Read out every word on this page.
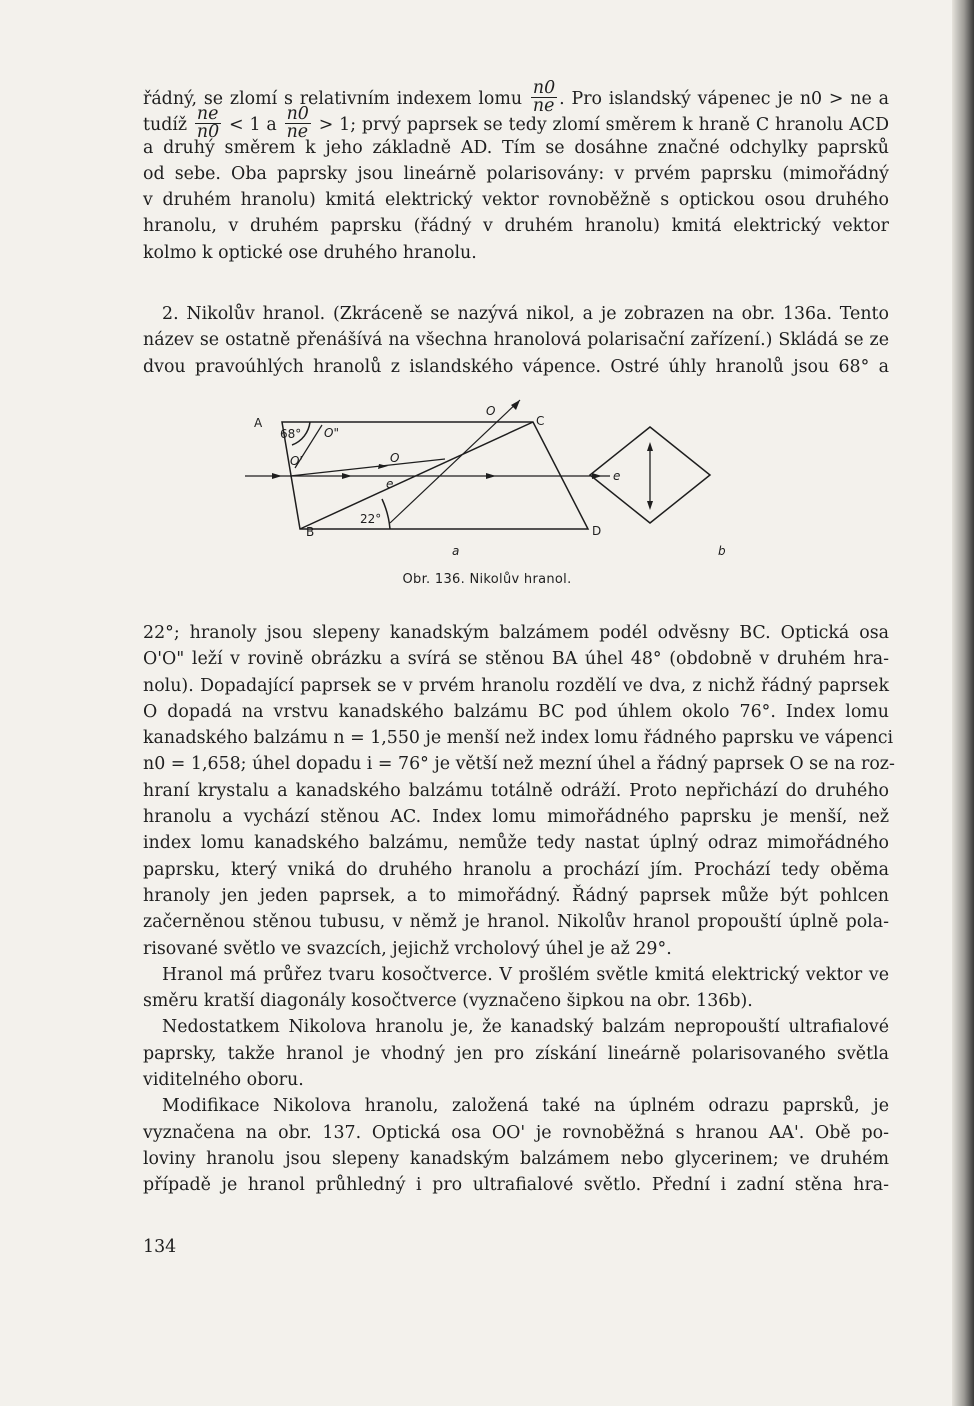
řádný, se zlomí s relativním indexem lomu $\frac{n0}{ne}$ . Pro islandský vápenec je n0 > ne a
tudíž $\frac{ne}{n0} < 1$ a $\frac{n0}{ne} > 1$; prvý paprsek se tedy zlomí směrem k hraně C hranolu ACD
a druhý směrem k jeho základně AD. Tím se dosáhne značné odchylky paprsků
od sebe. Oba paprsky jsou lineárně polarisovány: v prvém paprsku (mimořádný
v druhém hranolu) kmitá elektrický vektor rovnoběžně s optickou osou druhého
hranolu, v druhém paprsku (řádný v druhém hranolu) kmitá elektrický vektor
kolmo k optické ose druhého hranolu.
2. Nikolův hranol. (Zkráceně se nazývá nikol, a je zobrazen na obr. 136a. Tento
název se ostatně přenášívá na všechna hranolová polarisační zařízení.) Skládá se ze
dvou pravoúhlých hranolů z islandského vápence. Ostré úhly hranolů jsou 68° a
A
B
C
D
68°
22°
O"
O'
O
O
e
e
a	b
Obr. 136. Nikolův hranol.
22°; hranoly jsou slepeny kanadským balzámem podél odvěsny BC. Optická osa
O'O" leží v rovině obrázku a svírá se stěnou BA úhel 48° (obdobně v druhém hra-
nolu). Dopadající paprsek se v prvém hranolu rozdělí ve dva, z nichž řádný paprsek
O dopadá na vrstvu kanadského balzámu BC pod úhlem okolo 76°. Index lomu
kanadského balzámu n = 1,550 je menší než index lomu řádného paprsku ve vápenci
n0 = 1,658; úhel dopadu i = 76° je větší než mezní úhel a řádný paprsek O se na roz-
hraní krystalu a kanadského balzámu totálně odráží. Proto nepřichází do druhého
hranolu a vychází stěnou AC. Index lomu mimořádného paprsku je menší, než
index lomu kanadského balzámu, nemůže tedy nastat úplný odraz mimořádného
paprsku, který vniká do druhého hranolu a prochází jím. Prochází tedy oběma
hranoly jen jeden paprsek, a to mimořádný. Řádný paprsek může být pohlcen
začerněnou stěnou tubusu, v němž je hranol. Nikolův hranol propouští úplně pola-
risované světlo ve svazcích, jejichž vrcholový úhel je až 29°.
Hranol má průřez tvaru kosočtverce. V prošlém světle kmitá elektrický vektor ve
směru kratší diagonály kosočtverce (vyznačeno šipkou na obr. 136b).
Nedostatkem Nikolova hranolu je, že kanadský balzám nepropouští ultrafialové
paprsky, takže hranol je vhodný jen pro získání lineárně polarisovaného světla
viditelného oboru.
Modifikace Nikolova hranolu, založená také na úplném odrazu paprsků, je
vyznačena na obr. 137. Optická osa OO' je rovnoběžná s hranou AA'. Obě po-
loviny hranolu jsou slepeny kanadským balzámem nebo glycerinem; ve druhém
případě je hranol průhledný i pro ultrafialové světlo. Přední i zadní stěna hra-
134
